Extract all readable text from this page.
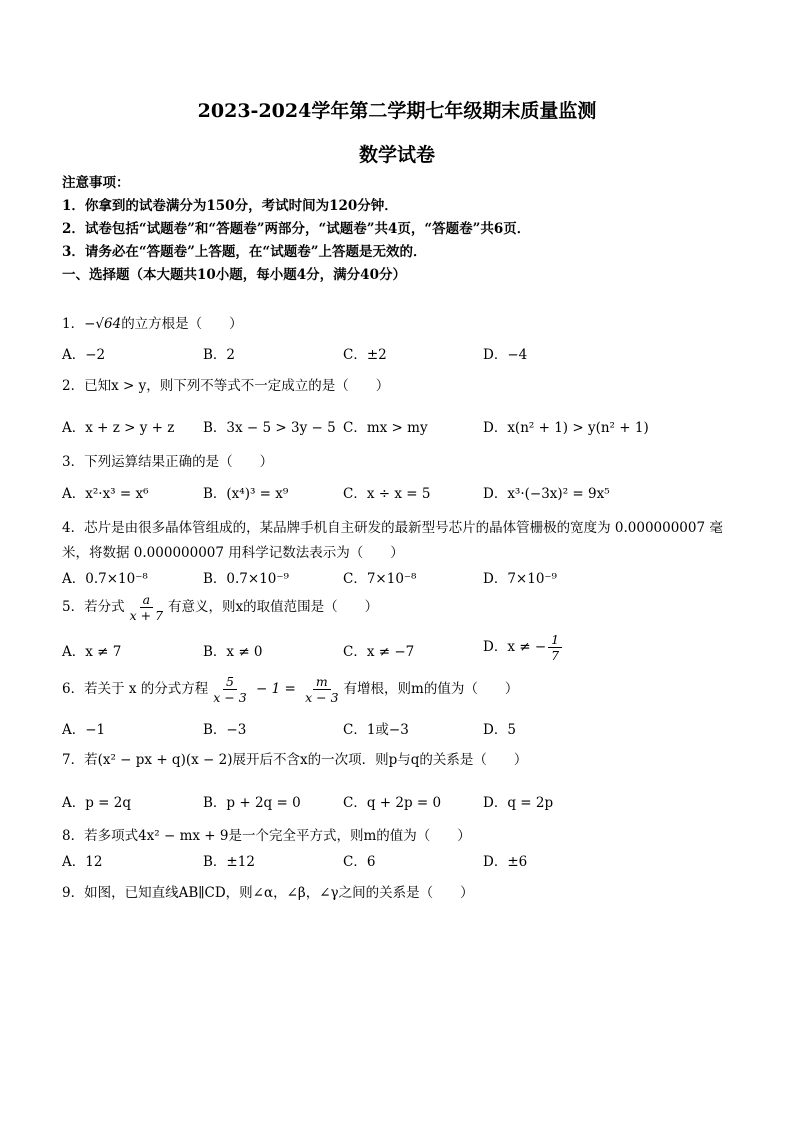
2023-2024学年第二学期七年级期末质量监测
数学试卷
注意事项：
1．你拿到的试卷满分为150分，考试时间为120分钟．
2．试卷包括“试题卷”和“答题卷”两部分，“试题卷”共4页，“答题卷”共6页．
3．请务必在“答题卷”上答题，在“试题卷”上答题是无效的．
一、选择题（本大题共10小题，每小题4分，满分40分）
1．−√64的立方根是（　　）
A．−2	B．2	C．±2	D．−4
2．已知x > y，则下列不等式不一定成立的是（　　）
A．x + z > y + z B．3x − 5 > 3y − 5 C．mx > my	D．x(n² + 1) > y(n² + 1)
3．下列运算结果正确的是（　　）
A．x²·x³ = x⁶	B．(x⁴)³ = x⁹	C．x ÷ x = 5	D．x³·(−3x)² = 9x⁵
4．芯片是由很多晶体管组成的，某品牌手机自主研发的最新型号芯片的晶体管栅极的宽度为 0.000000007 毫
米，将数据 0.000000007 用科学记数法表示为（　　）
A．0.7×10⁻⁸	B．0.7×10⁻⁹	C．7×10⁻⁸	D．7×10⁻⁹
5．若分式 $\frac{a}{x + 7}$ 有意义，则x的取值范围是（　　）
A．x ≠ 7	B．x ≠ 0	C．x ≠ −7	D．x ≠ − $\frac{1}{7}$
6．若关于 x 的分式方程 $\frac{5}{x - 3} - 1 = \frac{m}{x - 3}$ 有增根，则m的值为（　　）
A．−1	B．−3	C．1或−3	D．5
7．若(x² − px + q)(x − 2)展开后不含x的一次项．则p与q的关系是（　　）
A．p = 2q	B．p + 2q = 0	C．q + 2p = 0	D．q = 2p
8．若多项式4x² − mx + 9是一个完全平方式，则m的值为（　　）
A．12	B．±12	C．6	D．±6
9．如图，已知直线AB∥CD，则∠α，∠β，∠γ之间的关系是（　　）
